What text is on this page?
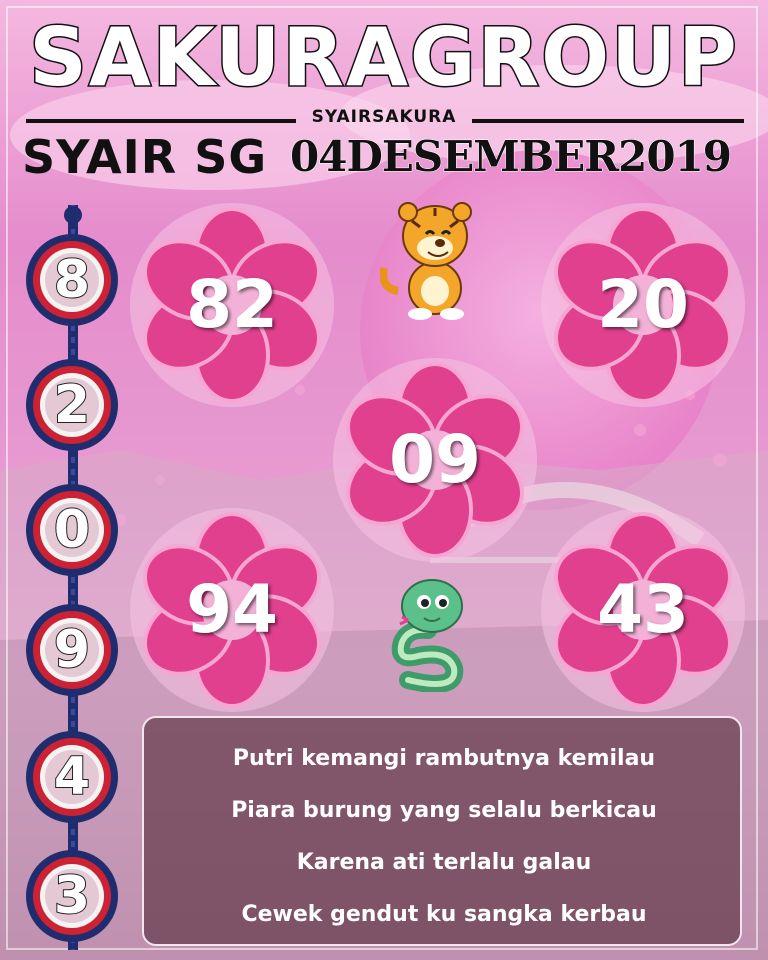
SAKURAGROUP
SYAIRSAKURA
SYAIR SG 04DESEMBER2019
8
2
0
9
4
3
82	20
09
94	43
Putri kemangi rambutnya kemilau
Piara burung yang selalu berkicau
Karena ati terlalu galau
Cewek gendut ku sangka kerbau
